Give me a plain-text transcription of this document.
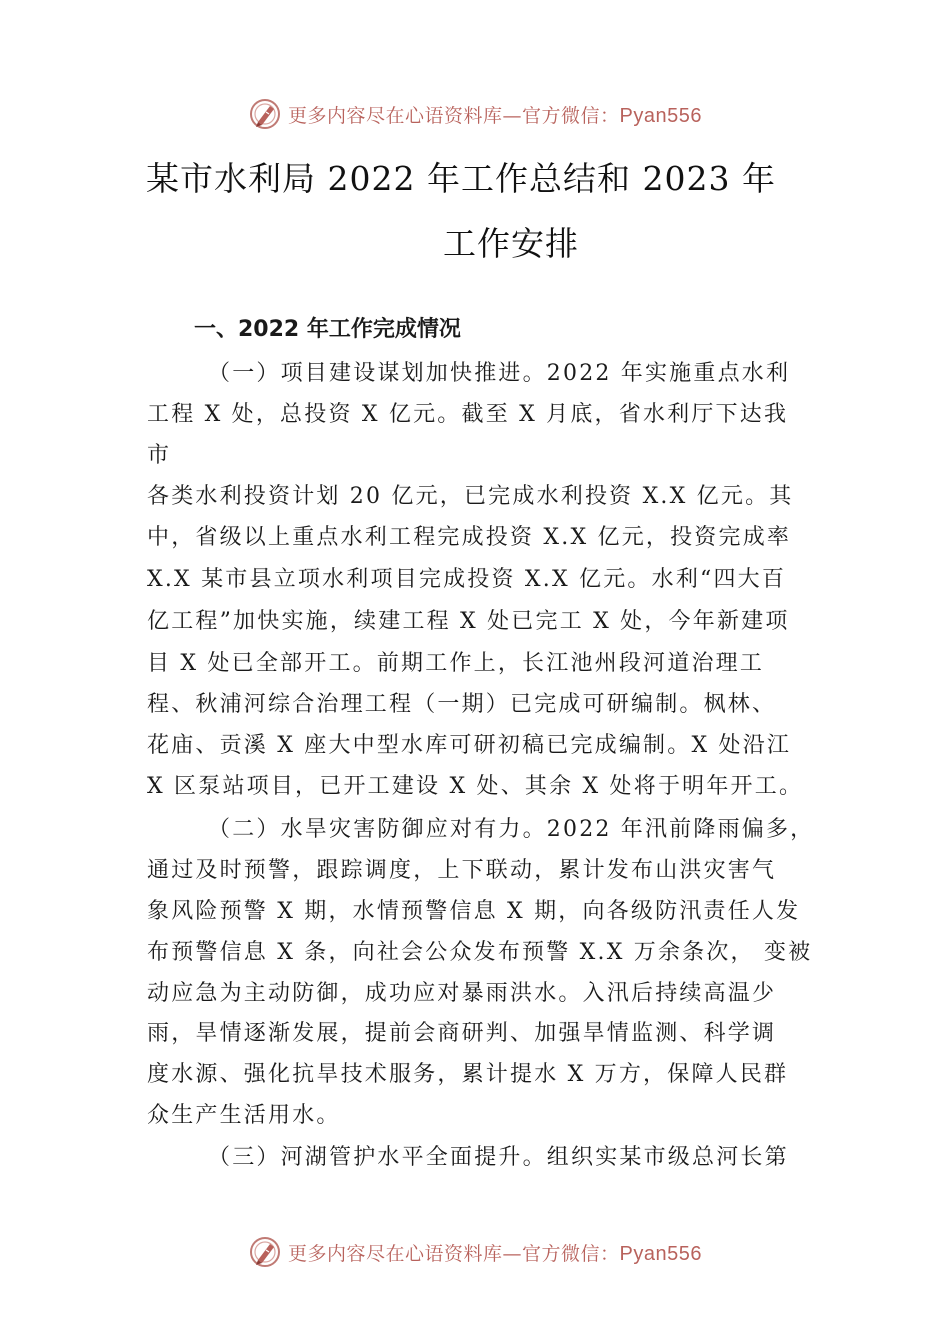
更多内容尽在心语资料库—官方微信：Pyan556
某市水利局 2022 年工作总结和 2023 年
工作安排
一、2022 年工作完成情况
（一）项目建设谋划加快推进。2022 年实施重点水利
工程 X 处，总投资 X 亿元。截至 X 月底，省水利厅下达我
市
各类水利投资计划 20 亿元，已完成水利投资 X.X 亿元。其
中，省级以上重点水利工程完成投资 X.X 亿元，投资完成率
X.X 某市县立项水利项目完成投资 X.X 亿元。水利“四大百
亿工程”加快实施，续建工程 X 处已完工 X 处，今年新建项
目 X 处已全部开工。前期工作上，长江池州段河道治理工
程、秋浦河综合治理工程（一期）已完成可研编制。枫林、
花庙、贡溪 X 座大中型水库可研初稿已完成编制。X 处沿江
X 区泵站项目，已开工建设 X 处、其余 X 处将于明年开工。
（二）水旱灾害防御应对有力。2022 年汛前降雨偏多，
通过及时预警，跟踪调度，上下联动，累计发布山洪灾害气
象风险预警 X 期，水情预警信息 X 期，向各级防汛责任人发
布预警信息 X 条，向社会公众发布预警 X.X 万余条次， 变被
动应急为主动防御，成功应对暴雨洪水。入汛后持续高温少
雨，旱情逐渐发展，提前会商研判、加强旱情监测、科学调
度水源、强化抗旱技术服务，累计提水 X 万方，保障人民群
众生产生活用水。
（三）河湖管护水平全面提升。组织实某市级总河长第
更多内容尽在心语资料库—官方微信：Pyan556
